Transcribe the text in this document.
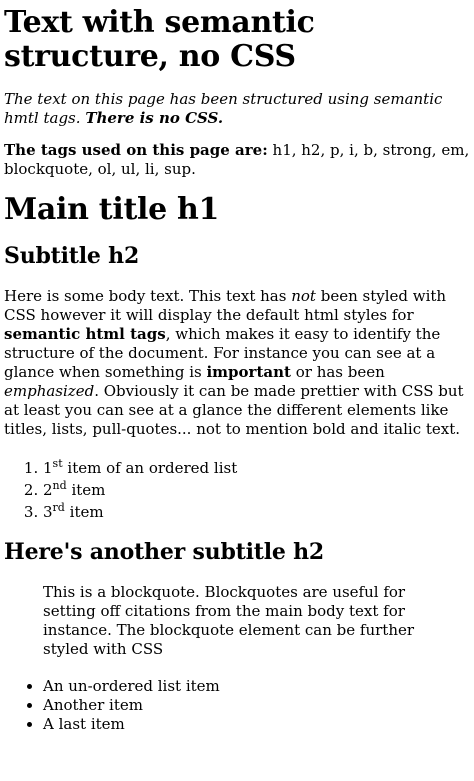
Text with semantic structure, no CSS

The text on this page has been structured using semantic hmtl tags. There is no CSS.

The tags used on this page are: h1, h2, p, i, b, strong, em, blockquote, ol, ul, li, sup.

Main title h1
Subtitle h2

Here is some body text. This text has not been styled with CSS however it will display the default html styles for semantic html tags, which makes it easy to identify the structure of the document. For instance you can see at a glance when something is important or has been emphasized. Obviously it can be made prettier with CSS but at least you can see at a glance the different elements like titles, lists, pull-quotes... not to mention bold and italic text.

1. 1st item of an ordered list
2. 2nd item
3. 3rd item
Here's another subtitle h2
This is a blockquote. Blockquotes are useful for setting off citations from the main body text for instance. The blockquote element can be further styled with CSS
• An un-ordered list item
• Another item
• A last item
